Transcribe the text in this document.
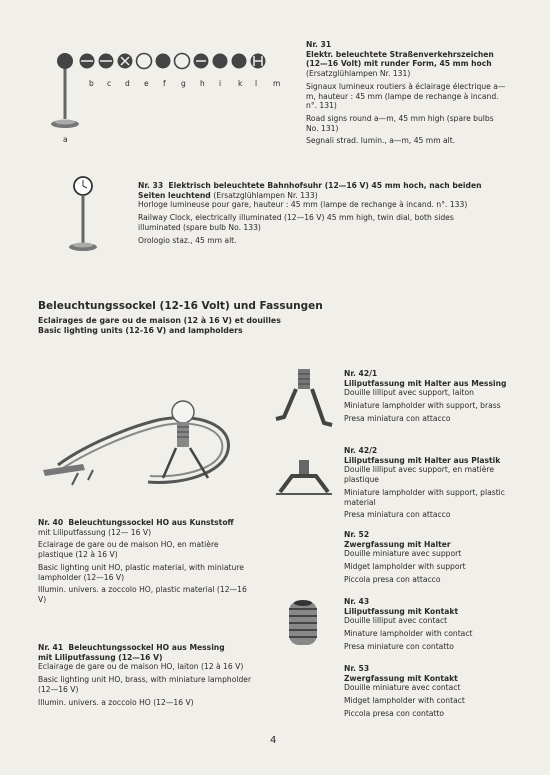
b c d e f g h i k l m
a
Nr. 31
Elektr. beleuchtete Straßenverkehrszeichen
(12—16 Volt) mit runder Form, 45 mm hoch

(Ersatzglühlampen Nr. 131)

Signaux lumineux routiers à éclairage électrique a—m, hauteur : 45 mm (lampe de rechange à incand. n°. 131)

Road signs round a—m, 45 mm high (spare bulbs No. 131)

Segnali strad. lumin., a—m, 45 mm alt.

Nr. 33 Elektrisch beleuchtete Bahnhofsuhr (12—16 V) 45 mm hoch, nach beiden Seiten leuchtend (Ersatzglühlampen Nr. 133)

Horloge lumineuse pour gare, hauteur : 45 mm (lampe de rechange à incand. n°. 133)

Railway Clock, electrically illuminated (12—16 V) 45 mm high, twin dial, both sides illuminated (spare bulb No. 133)

Orologio staz., 45 mm alt.

Beleuchtungssockel (12-16 Volt) und Fassungen
Eclairages de gare ou de maison (12 à 16 V) et douilles
Basic lighting units (12-16 V) and lampholders
Nr. 40 Beleuchtungssockel HO aus Kunststoff

mit Liliputfassung (12— 16 V)

Eclairage de gare ou de maison HO, en matière plastique (12 à 16 V)

Basic lighting unit HO, plastic material, with miniature lampholder (12—16 V)

Illumin. univers. a zoccolo HO, plastic material (12—16 V)

Nr. 41 Beleuchtungssockel HO aus Messing
mit Liliputfassung (12—16 V)

Eclairage de gare ou de maison HO, laiton (12 à 16 V)

Basic lighting unit HO, brass, with miniature lampholder (12—16 V)

Illumin. univers. a zoccolo HO (12—16 V)

Nr. 42/1
Liliputfassung mit Halter aus Messing

Douille lilliput avec support, laiton

Miniature lampholder with support, brass

Presa miniatura con attacco

Nr. 42/2
Liliputfassung mit Halter aus Plastik

Douille lilliput avec support, en matière plastique

Miniature lampholder with support, plastic material

Presa miniatura con attacco

Nr. 52
Zwergfassung mit Halter

Douille miniature avec support

Midget lampholder with support

Piccola presa con attacco

Nr. 43
Liliputfassung mit Kontakt

Douille lilliput avec contact

Minature lampholder with contact

Presa miniature con contatto

Nr. 53
Zwergfassung mit Kontakt

Douille miniature avec contact

Midget lampholder with contact

Piccola presa con contatto

4
